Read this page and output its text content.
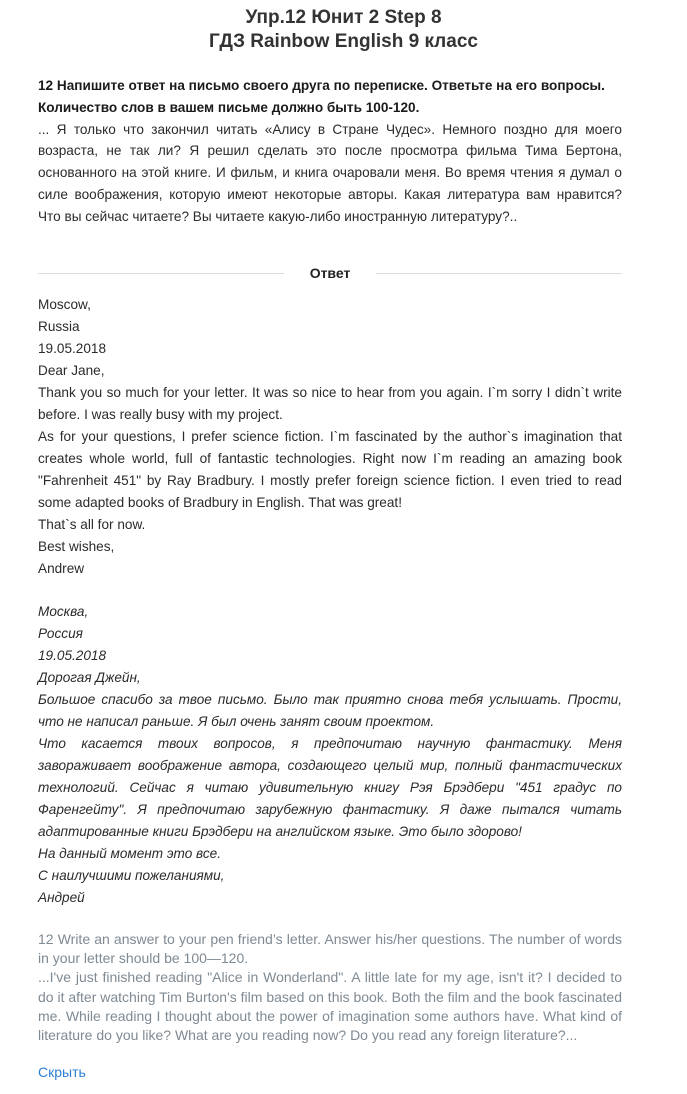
Упр.12 Юнит 2 Step 8
ГДЗ Rainbow English 9 класс
12 Напишите ответ на письмо своего друга по переписке. Ответьте на его вопросы. Количество слов в вашем письме должно быть 100-120.
... Я только что закончил читать «Алису в Стране Чудес». Немного поздно для моего возраста, не так ли? Я решил сделать это после просмотра фильма Тима Бертона, основанного на этой книге. И фильм, и книга очаровали меня. Во время чтения я думал о силе воображения, которую имеют некоторые авторы. Какая литература вам нравится? Что вы сейчас читаете? Вы читаете какую-либо иностранную литературу?..
Ответ
Moscow,
Russia
19.05.2018
Dear Jane,
Thank you so much for your letter. It was so nice to hear from you again. I`m sorry I didn`t write before. I was really busy with my project.
As for your questions, I prefer science fiction. I`m fascinated by the author`s imagination that creates whole world, full of fantastic technologies. Right now I`m reading an amazing book "Fahrenheit 451" by Ray Bradbury. I mostly prefer foreign science fiction. I even tried to read some adapted books of Bradbury in English. That was great!
That`s all for now.
Best wishes,
Andrew
Москва,
Россия
19.05.2018
Дорогая Джейн,
Большое спасибо за твое письмо. Было так приятно снова тебя услышать. Прости, что не написал раньше. Я был очень занят своим проектом.
Что касается твоих вопросов, я предпочитаю научную фантастику. Меня завораживает воображение автора, создающего целый мир, полный фантастических технологий. Сейчас я читаю удивительную книгу Рэя Брэдбери "451 градус по Фаренгейту". Я предпочитаю зарубежную фантастику. Я даже пытался читать адаптированные книги Брэдбери на английском языке. Это было здорово!
На данный момент это все.
С наилучшими пожеланиями,
Андрей
12 Write an answer to your pen friend’s letter. Answer his/her questions. The number of words in your letter should be 100—120.
...I've just finished reading "Alice in Wonderland". A little late for my age, isn't it? I decided to do it after watching Tim Burton's film based on this book. Both the film and the book fascinated me. While reading I thought about the power of imagination some authors have. What kind of literature do you like? What are you reading now? Do you read any foreign literature?...
Скрыть
